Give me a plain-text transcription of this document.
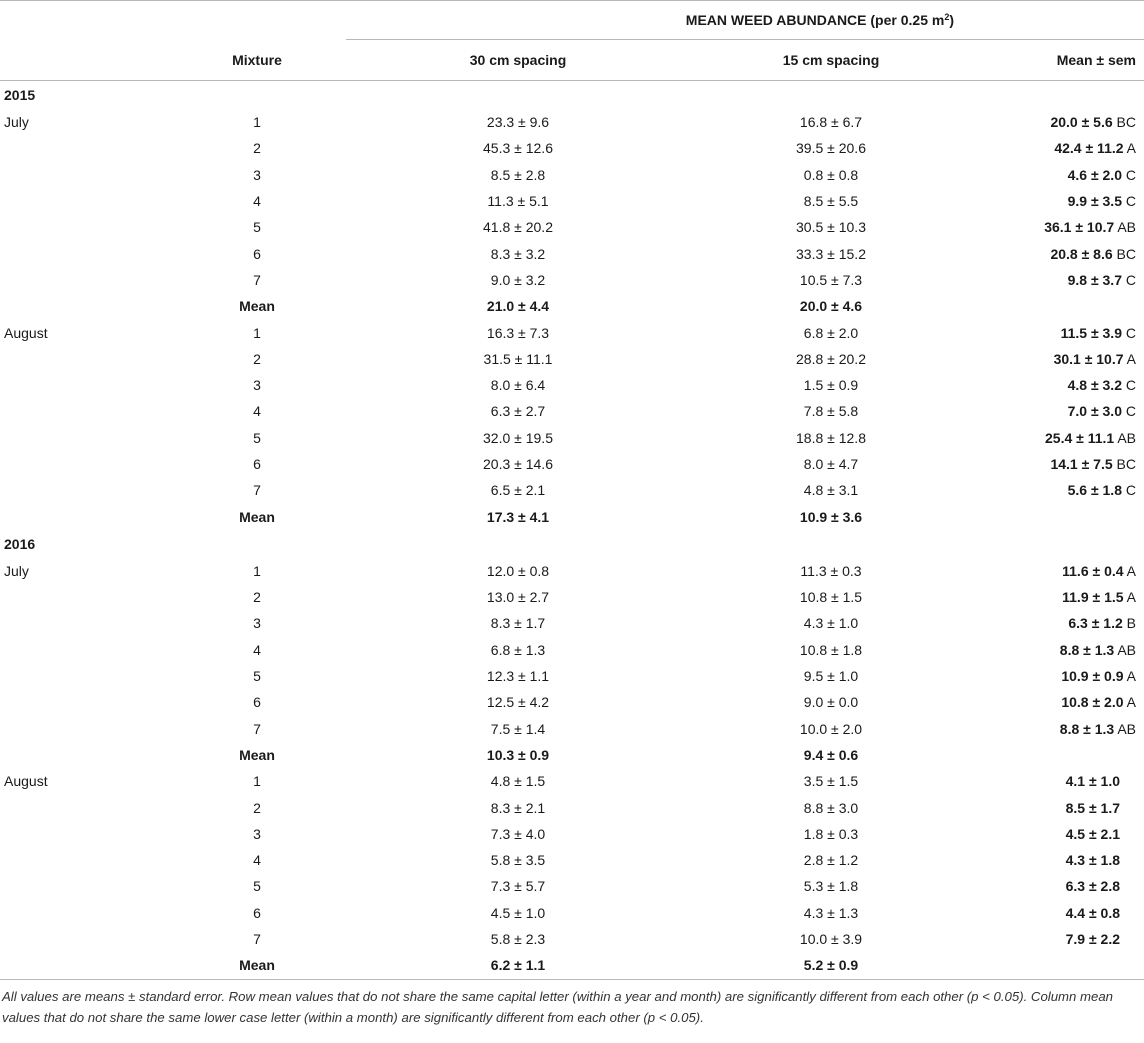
		MEAN WEED ABUNDANCE (per 0.25 $m^2$)		
	Mixture	30 cm spacing	15 cm spacing	Mean ± sem

2015				
July	1	23.3 ± 9.6	16.8 ± 6.7	20.0 ± 5.6 BC
	2	45.3 ± 12.6	39.5 ± 20.6	42.4 ± 11.2 A
	3	8.5 ± 2.8	0.8 ± 0.8	4.6 ± 2.0 C
	4	11.3 ± 5.1	8.5 ± 5.5	9.9 ± 3.5 C
	5	41.8 ± 20.2	30.5 ± 10.3	36.1 ± 10.7 AB
	6	8.3 ± 3.2	33.3 ± 15.2	20.8 ± 8.6 BC
	7	9.0 ± 3.2	10.5 ± 7.3	9.8 ± 3.7 C
	Mean	21.0 ± 4.4	20.0 ± 4.6	
August	1	16.3 ± 7.3	6.8 ± 2.0	11.5 ± 3.9 C
	2	31.5 ± 11.1	28.8 ± 20.2	30.1 ± 10.7 A
	3	8.0 ± 6.4	1.5 ± 0.9	4.8 ± 3.2 C
	4	6.3 ± 2.7	7.8 ± 5.8	7.0 ± 3.0 C
	5	32.0 ± 19.5	18.8 ± 12.8	25.4 ± 11.1 AB
	6	20.3 ± 14.6	8.0 ± 4.7	14.1 ± 7.5 BC
	7	6.5 ± 2.1	4.8 ± 3.1	5.6 ± 1.8 C
	Mean	17.3 ± 4.1	10.9 ± 3.6	
2016				
July	1	12.0 ± 0.8	11.3 ± 0.3	11.6 ± 0.4 A
	2	13.0 ± 2.7	10.8 ± 1.5	11.9 ± 1.5 A
	3	8.3 ± 1.7	4.3 ± 1.0	6.3 ± 1.2 B
	4	6.8 ± 1.3	10.8 ± 1.8	8.8 ± 1.3 AB
	5	12.3 ± 1.1	9.5 ± 1.0	10.9 ± 0.9 A
	6	12.5 ± 4.2	9.0 ± 0.0	10.8 ± 2.0 A
	7	7.5 ± 1.4	10.0 ± 2.0	8.8 ± 1.3 AB
	Mean	10.3 ± 0.9	9.4 ± 0.6	
August	1	4.8 ± 1.5	3.5 ± 1.5	4.1 ± 1.0
	2	8.3 ± 2.1	8.8 ± 3.0	8.5 ± 1.7
	3	7.3 ± 4.0	1.8 ± 0.3	4.5 ± 2.1
	4	5.8 ± 3.5	2.8 ± 1.2	4.3 ± 1.8
	5	7.3 ± 5.7	5.3 ± 1.8	6.3 ± 2.8
	6	4.5 ± 1.0	4.3 ± 1.3	4.4 ± 0.8
	7	5.8 ± 2.3	10.0 ± 3.9	7.9 ± 2.2
	Mean	6.2 ± 1.1	5.2 ± 0.9	

All values are means ± standard error. Row mean values that do not share the same capital letter (within a year and month) are significantly different from each other (p < 0.05). Column mean values that do not share the same lower case letter (within a month) are significantly different from each other (p < 0.05).				
